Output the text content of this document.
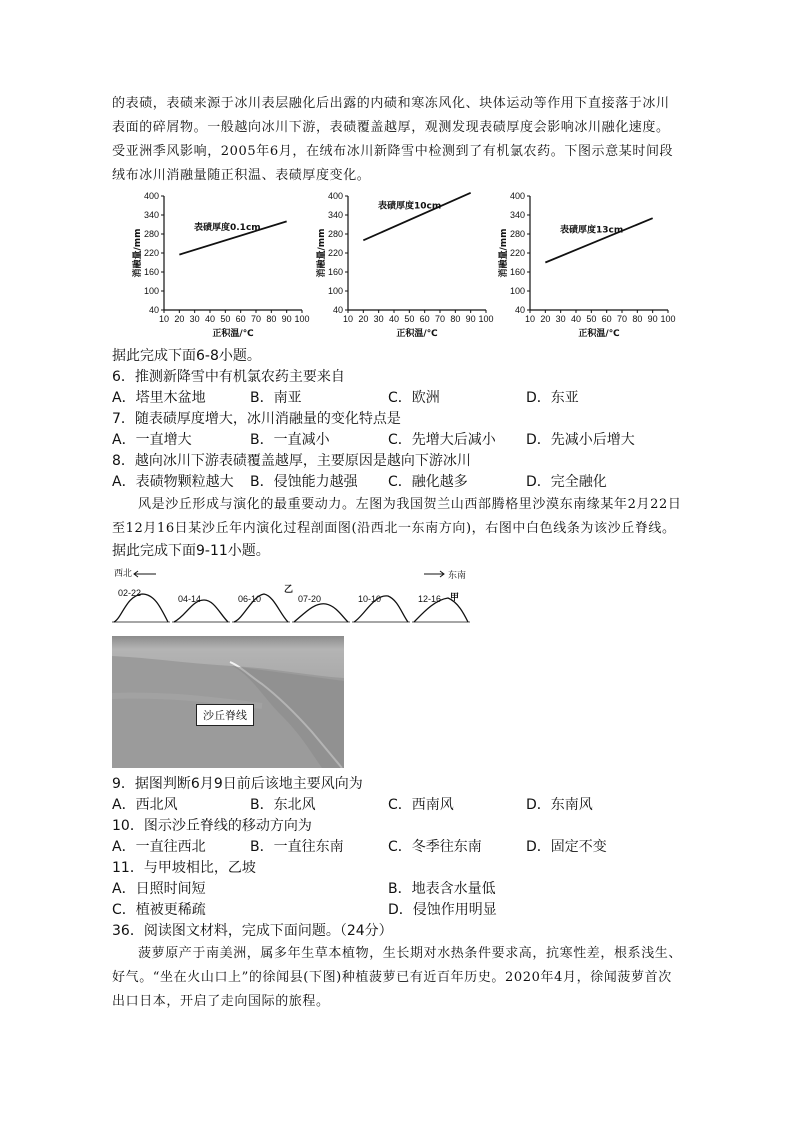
的表碛，表碛来源于冰川表层融化后出露的内碛和寒冻风化、块体运动等作用下直接落于冰川表面的碎屑物。一般越向冰川下游，表碛覆盖越厚，观测发现表碛厚度会影响冰川融化速度。受亚洲季风影响，2005年6月，在绒布冰川新降雪中检测到了有机氯农药。下图示意某时间段绒布冰川消融量随正积温、表碛厚度变化。

40
100
160
220
280
340
400
10 20 30 40 50 60 70 80 90 100
表碛厚度0.1cm
正积温/℃
消融量/mm
40
100
160
220
280
340
400
10 20 30 40 50 60 70 80 90 100
表碛厚度10cm
正积温/℃
消融量/mm
40
100
160
220
280
340
400
10 20 30 40 50 60 70 80 90 100
表碛厚度13cm
正积温/℃
消融量/mm

据此完成下面6-8小题。

6．推测新降雪中有机氯农药主要来自

A．塔里木盆地	B．南亚	C．欧洲	D．东亚

7．随表碛厚度增大，冰川消融量的变化特点是

A．一直增大	B．一直减小	C．先增大后减小	D．先减小后增大

8．越向冰川下游表碛覆盖越厚，主要原因是越向下游冰川

A．表碛物颗粒越大	B．侵蚀能力越强	C．融化越多	D．完全融化

风是沙丘形成与演化的最重要动力。左图为我国贺兰山西部腾格里沙漠东南缘某年2月22日至12月16日某沙丘年内演化过程剖面图(沿西北一东南方向)，右图中白色线条为该沙丘脊线。

据此完成下面9-11小题。

西北	东南
02-22
04-14	06-10	07-20	10-10	12-16
乙
甲
沙丘脊线

9．据图判断6月9日前后该地主要风向为

A．西北风	B．东北风	C．西南风	D．东南风

10．图示沙丘脊线的移动方向为

A．一直往西北	B．一直往东南	C．冬季往东南	D．固定不变

11．与甲坡相比，乙坡

A．日照时间短	B．地表含水量低
C．植被更稀疏	D．侵蚀作用明显

36．阅读图文材料，完成下面问题。（24分）

菠萝原产于南美洲，属多年生草本植物，生长期对水热条件要求高，抗寒性差，根系浅生、好气。“坐在火山口上”的徐闻县(下图)种植菠萝已有近百年历史。2020年4月，徐闻菠萝首次出口日本，开启了走向国际的旅程。
